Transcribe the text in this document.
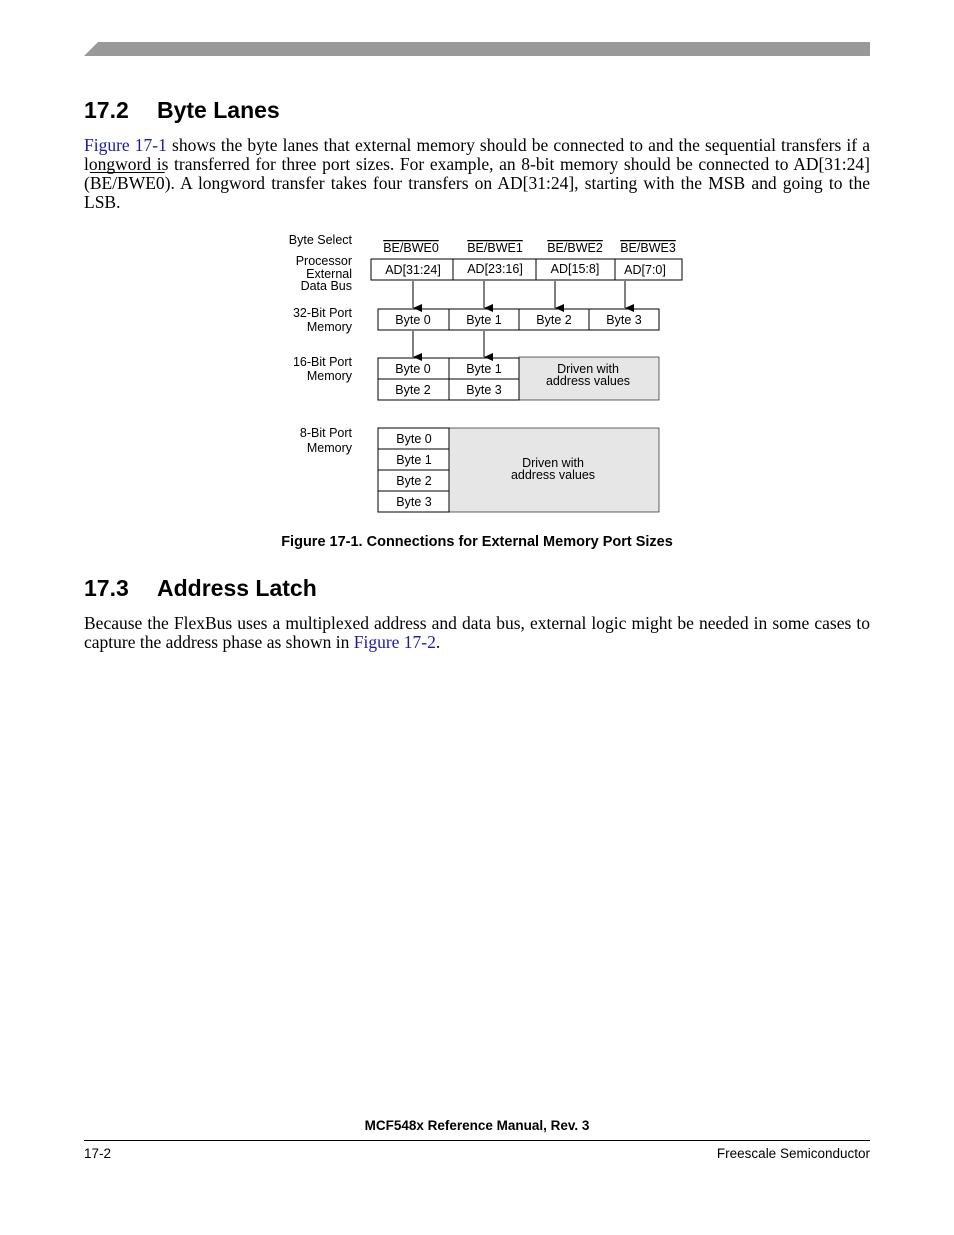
17.2 Byte Lanes

Figure 17-1 shows the byte lanes that external memory should be connected to and the sequential transfers if a longword is transferred for three port sizes. For example, an 8-bit memory should be connected to AD[31:24] (BE/BWE0). A longword transfer takes four transfers on AD[31:24], starting with the MSB and going to the LSB.

Byte Select
Processor
External
Data Bus
32-Bit Port
Memory
16-Bit Port
Memory
8-Bit Port
Memory
BE/BWE0 BE/BWE1 BE/BWE2 BE/BWE3
AD[31:24] AD[23:16] AD[15:8] AD[7:0]
Byte 0	Byte 1	Byte 2	Byte 3
Byte 0	Byte 1
Byte 2	Byte 3
Driven with
address values
Byte 0
Byte 1
Byte 2
Byte 3
Driven with
address values
Figure 17-1. Connections for External Memory Port Sizes
17.3 Address Latch

Because the FlexBus uses a multiplexed address and data bus, external logic might be needed in some cases to capture the address phase as shown in Figure 17-2.

MCF548x Reference Manual, Rev. 3
17-2	Freescale Semiconductor
